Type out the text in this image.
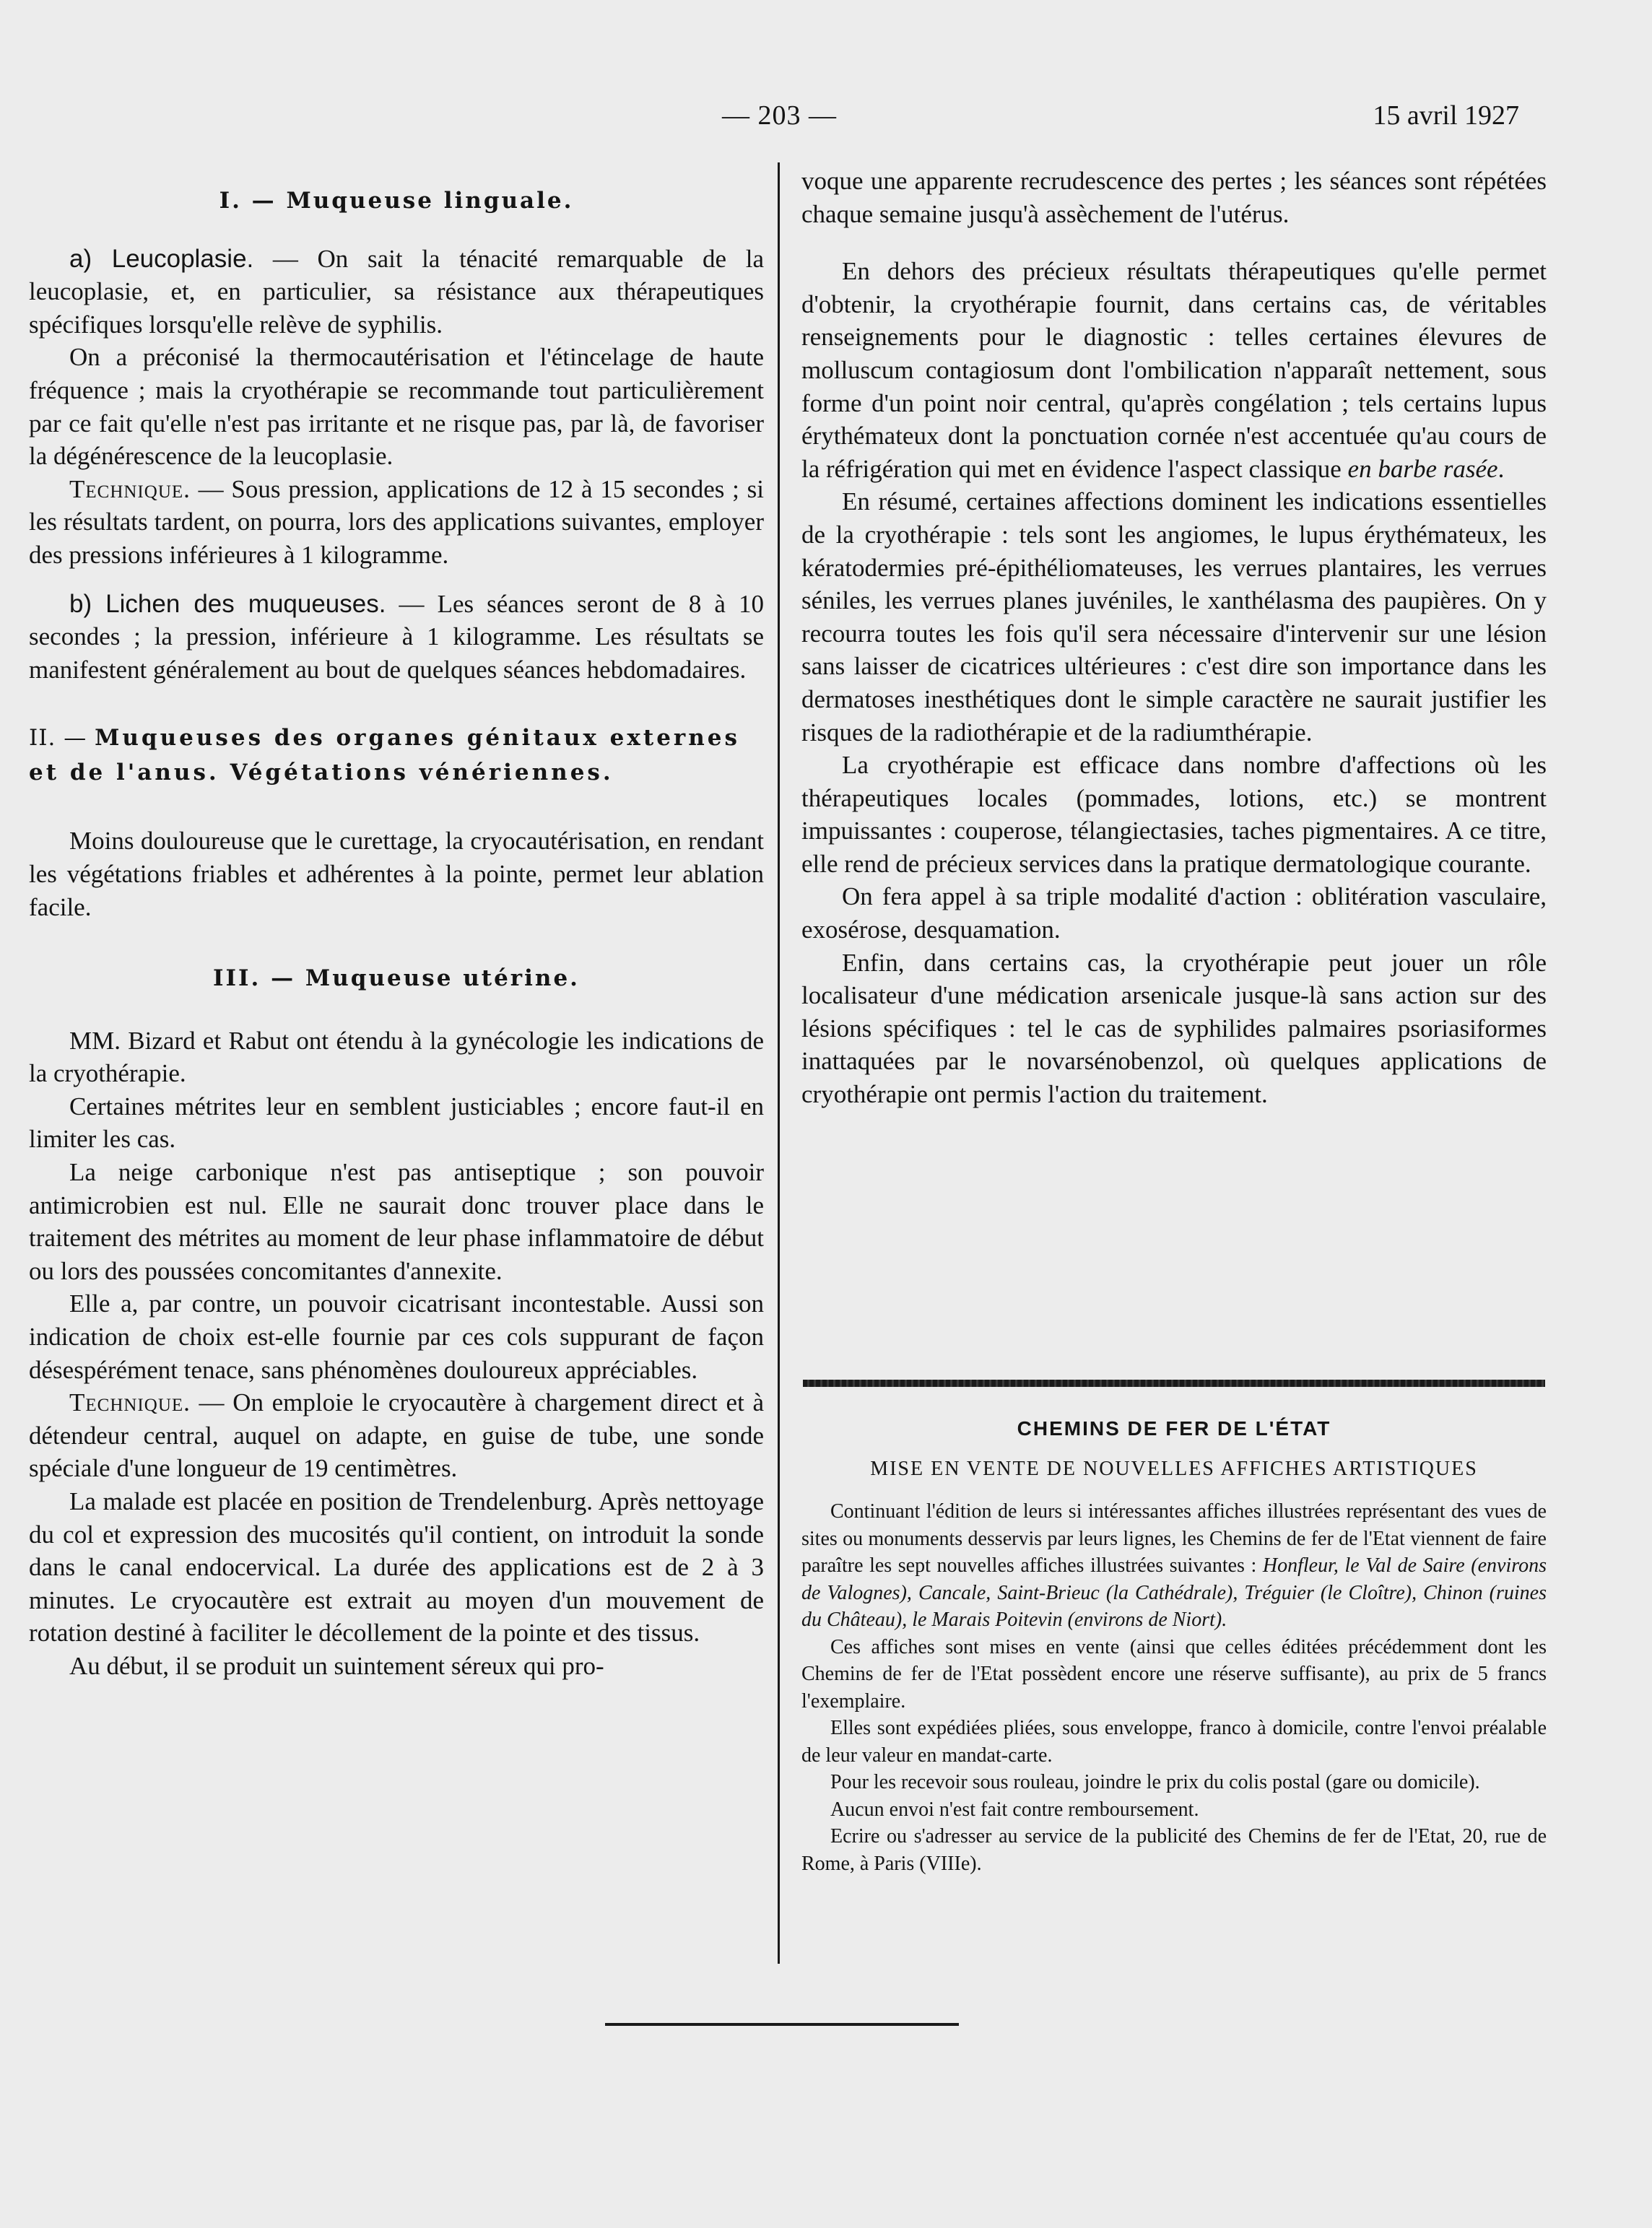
— 203 —	15 avril 1927

I. — Muqueuse linguale.

a) Leucoplasie. — On sait la ténacité remarquable de la leucoplasie, et, en particulier, sa résistance aux thérapeutiques spécifiques lorsqu'elle relève de syphilis.

On a préconisé la thermocautérisation et l'étincelage de haute fréquence ; mais la cryothérapie se recommande tout particulièrement par ce fait qu'elle n'est pas irritante et ne risque pas, par là, de favoriser la dégénérescence de la leucoplasie.

Technique. — Sous pression, applications de 12 à 15 secondes ; si les résultats tardent, on pourra, lors des applications suivantes, employer des pressions inférieures à 1 kilogramme.

b) Lichen des muqueuses. — Les séances seront de 8 à 10 secondes ; la pression, inférieure à 1 kilogramme. Les résultats se manifestent généralement au bout de quelques séances hebdomadaires.

II. — Muqueuses des organes génitaux externes et de l'anus. Végétations vénériennes.

Moins douloureuse que le curettage, la cryocautérisation, en rendant les végétations friables et adhérentes à la pointe, permet leur ablation facile.

III. — Muqueuse utérine.

MM. Bizard et Rabut ont étendu à la gynécologie les indications de la cryothérapie.

Certaines métrites leur en semblent justiciables ; encore faut-il en limiter les cas.

La neige carbonique n'est pas antiseptique ; son pouvoir antimicrobien est nul. Elle ne saurait donc trouver place dans le traitement des métrites au moment de leur phase inflammatoire de début ou lors des poussées concomitantes d'annexite.

Elle a, par contre, un pouvoir cicatrisant incontestable. Aussi son indication de choix est-elle fournie par ces cols suppurant de façon désespérément tenace, sans phénomènes douloureux appréciables.

Technique. — On emploie le cryocautère à chargement direct et à détendeur central, auquel on adapte, en guise de tube, une sonde spéciale d'une longueur de 19 centimètres.

La malade est placée en position de Trendelenburg. Après nettoyage du col et expression des mucosités qu'il contient, on introduit la sonde dans le canal endocervical. La durée des applications est de 2 à 3 minutes. Le cryocautère est extrait au moyen d'un mouvement de rotation destiné à faciliter le décollement de la pointe et des tissus.

Au début, il se produit un suintement séreux qui pro-

voque une apparente recrudescence des pertes ; les séances sont répétées chaque semaine jusqu'à assèchement de l'utérus.

En dehors des précieux résultats thérapeutiques qu'elle permet d'obtenir, la cryothérapie fournit, dans certains cas, de véritables renseignements pour le diagnostic : telles certaines élevures de molluscum contagiosum dont l'ombilication n'apparaît nettement, sous forme d'un point noir central, qu'après congélation ; tels certains lupus érythémateux dont la ponctuation cornée n'est accentuée qu'au cours de la réfrigération qui met en évidence l'aspect classique en barbe rasée.

En résumé, certaines affections dominent les indications essentielles de la cryothérapie : tels sont les angiomes, le lupus érythémateux, les kératodermies pré-épithéliomateuses, les verrues plantaires, les verrues séniles, les verrues planes juvéniles, le xanthélasma des paupières. On y recourra toutes les fois qu'il sera nécessaire d'intervenir sur une lésion sans laisser de cicatrices ultérieures : c'est dire son importance dans les dermatoses inesthétiques dont le simple caractère ne saurait justifier les risques de la radiothérapie et de la radiumthérapie.

La cryothérapie est efficace dans nombre d'affections où les thérapeutiques locales (pommades, lotions, etc.) se montrent impuissantes : couperose, télangiectasies, taches pigmentaires. A ce titre, elle rend de précieux services dans la pratique dermatologique courante.

On fera appel à sa triple modalité d'action : oblitération vasculaire, exosérose, desquamation.

Enfin, dans certains cas, la cryothérapie peut jouer un rôle localisateur d'une médication arsenicale jusque-là sans action sur des lésions spécifiques : tel le cas de syphilides palmaires psoriasiformes inattaquées par le novarsénobenzol, où quelques applications de cryothérapie ont permis l'action du traitement.

CHEMINS DE FER DE L'ÉTAT

MISE EN VENTE DE NOUVELLES AFFICHES ARTISTIQUES

Continuant l'édition de leurs si intéressantes affiches illustrées représentant des vues de sites ou monuments desservis par leurs lignes, les Chemins de fer de l'Etat viennent de faire paraître les sept nouvelles affiches illustrées suivantes : Honfleur, le Val de Saire (environs de Valognes), Cancale, Saint-Brieuc (la Cathédrale), Tréguier (le Cloître), Chinon (ruines du Château), le Marais Poitevin (environs de Niort).

Ces affiches sont mises en vente (ainsi que celles éditées précédemment dont les Chemins de fer de l'Etat possèdent encore une réserve suffisante), au prix de 5 francs l'exemplaire.

Elles sont expédiées pliées, sous enveloppe, franco à domicile, contre l'envoi préalable de leur valeur en mandat-carte.

Pour les recevoir sous rouleau, joindre le prix du colis postal (gare ou domicile).

Aucun envoi n'est fait contre remboursement.

Ecrire ou s'adresser au service de la publicité des Chemins de fer de l'Etat, 20, rue de Rome, à Paris (VIIIe).
